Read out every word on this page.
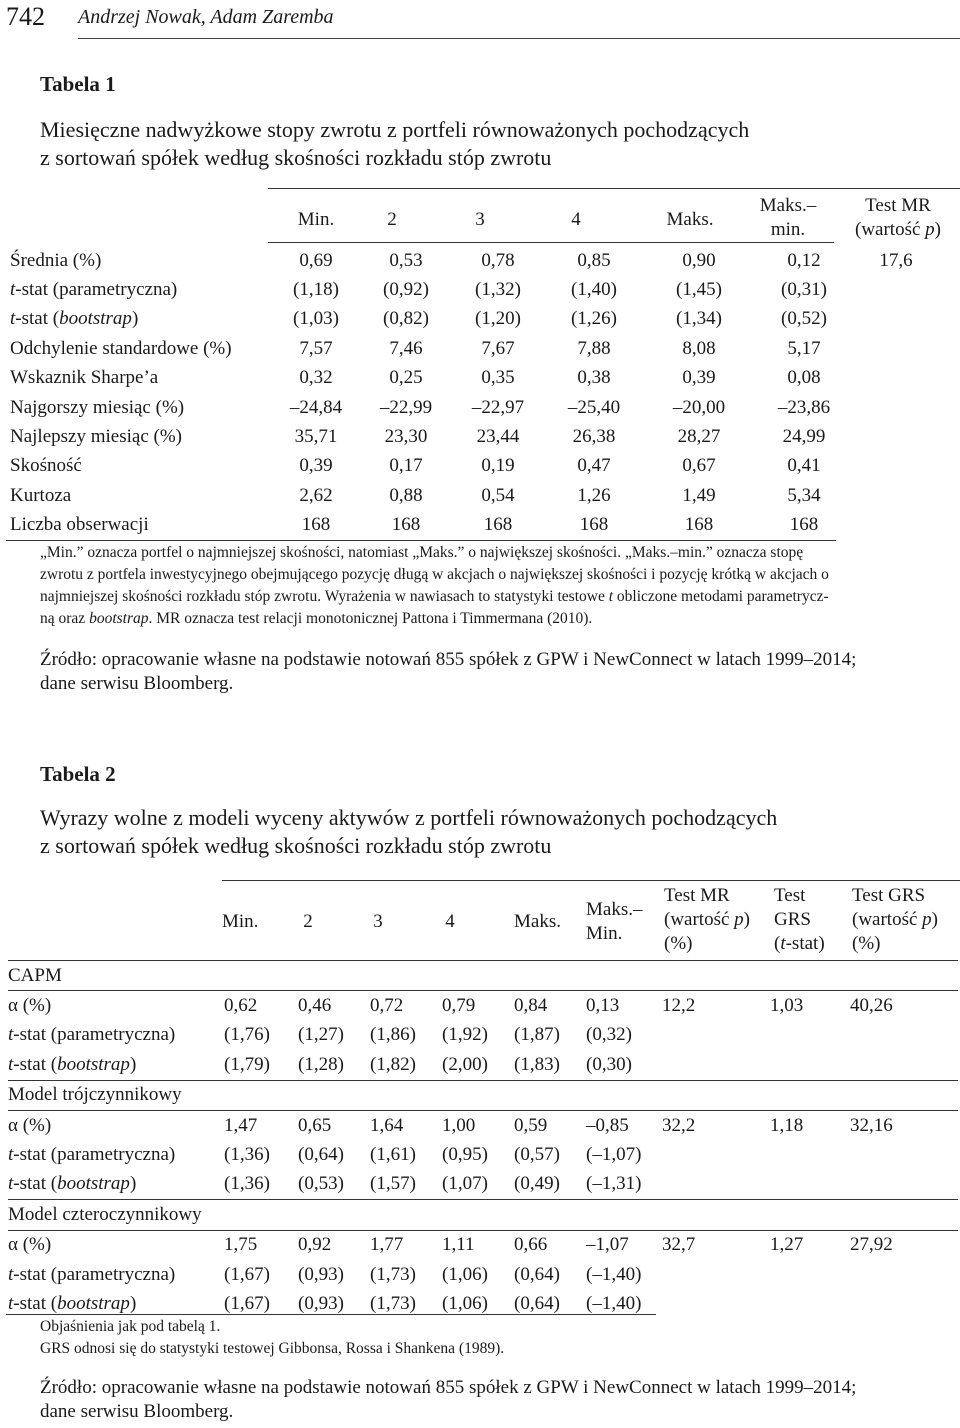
742 Andrzej Nowak, Adam Zaremba
Tabela 1
Miesięczne nadwyżkowe stopy zwrotu z portfeli równoważonych pochodzących
z sortowań spółek według skośności rozkładu stóp zwrotu
Min.	2	3	4	Maks.
Maks.–
min.
Test MR
(wartość p)
Średnia (%)	0,69	0,53	0,78	0,85	0,90	0,12	17,6
t-stat (parametryczna)	(1,18)	(0,92)	(1,32)	(1,40)	(1,45)	(0,31)	
t-stat (bootstrap)	(1,03)	(0,82)	(1,20)	(1,26)	(1,34)	(0,52)	
Odchylenie standardowe (%)	7,57	7,46	7,67	7,88	8,08	5,17	
Wskaznik Sharpe’a	0,32	0,25	0,35	0,38	0,39	0,08	
Najgorszy miesiąc (%)	–24,84	–22,99	–22,97	–25,40	–20,00	–23,86	
Najlepszy miesiąc (%)	35,71	23,30	23,44	26,38	28,27	24,99	
Skośność	0,39	0,17	0,19	0,47	0,67	0,41	
Kurtoza	2,62	0,88	0,54	1,26	1,49	5,34	
Liczba obserwacji	168	168	168	168	168	168	
„Min.” oznacza portfel o najmniejszej skośności, natomiast „Maks.” o największej skośności. „Maks.–min.” oznacza stopę
zwrotu z portfela inwestycyjnego obejmującego pozycję długą w akcjach o największej skośności i pozycję krótką w akcjach o
najmniejszej skośności rozkładu stóp zwrotu. Wyrażenia w nawiasach to statystyki testowe t obliczone metodami parametrycz-
ną oraz bootstrap. MR oznacza test relacji monotonicznej Pattona i Timmermana (2010).
Źródło: opracowanie własne na podstawie notowań 855 spółek z GPW i NewConnect w latach 1999–2014;
dane serwisu Bloomberg.
Tabela 2
Wyrazy wolne z modeli wyceny aktywów z portfeli równoważonych pochodzących
z sortowań spółek według skośności rozkładu stóp zwrotu
Min.	2	3	4	Maks.
Maks.–
Min.
Test MR
(wartość p)
(%)
Test
GRS
(t-stat)
Test GRS
(wartość p)
(%)
CAPM									
α (%)	0,62	0,46	0,72	0,79	0,84	0,13	12,2	1,03	40,26
t-stat (parametryczna)	(1,76)	(1,27)	(1,86)	(1,92)	(1,87)	(0,32)			
t-stat (bootstrap)	(1,79)	(1,28)	(1,82)	(2,00)	(1,83)	(0,30)			
Model trójczynnikowy									
α (%)	1,47	0,65	1,64	1,00	0,59	–0,85	32,2	1,18	32,16
t-stat (parametryczna)	(1,36)	(0,64)	(1,61)	(0,95)	(0,57)	(–1,07)			
t-stat (bootstrap)	(1,36)	(0,53)	(1,57)	(1,07)	(0,49)	(–1,31)			
Model czteroczynnikowy									
α (%)	1,75	0,92	1,77	1,11	0,66	–1,07	32,7	1,27	27,92
t-stat (parametryczna)	(1,67)	(0,93)	(1,73)	(1,06)	(0,64)	(–1,40)			
t-stat (bootstrap)	(1,67)	(0,93)	(1,73)	(1,06)	(0,64)	(–1,40)			
Objaśnienia jak pod tabelą 1.
GRS odnosi się do statystyki testowej Gibbonsa, Rossa i Shankena (1989).
Źródło: opracowanie własne na podstawie notowań 855 spółek z GPW i NewConnect w latach 1999–2014;
dane serwisu Bloomberg.
